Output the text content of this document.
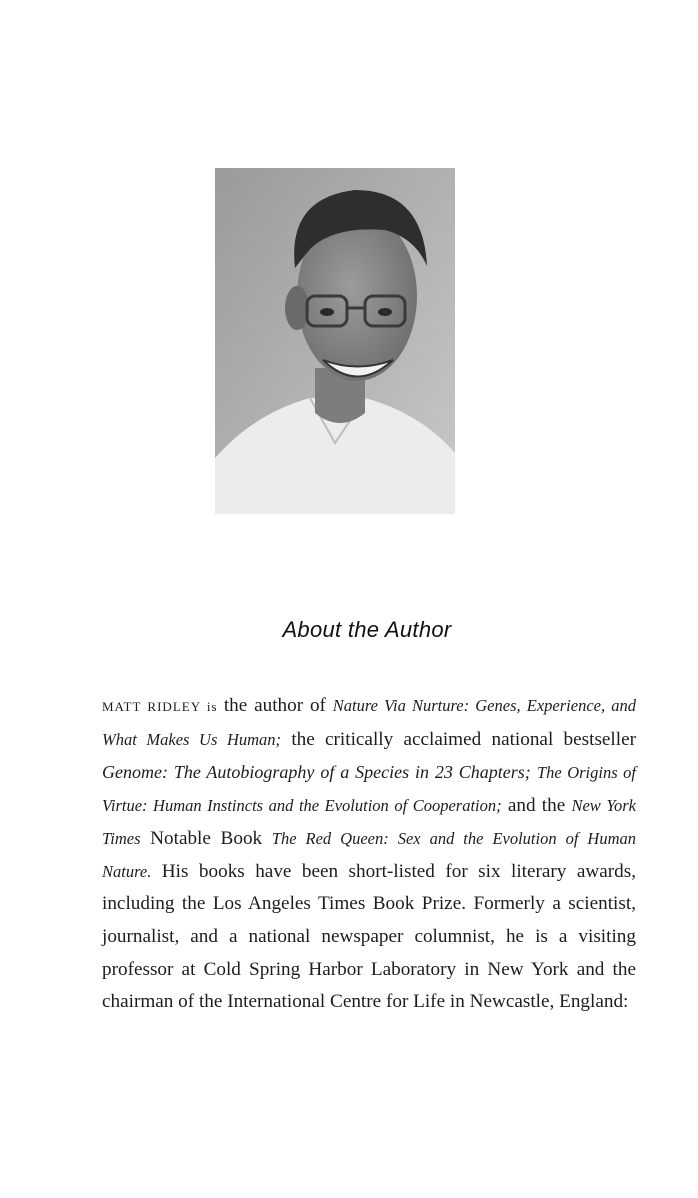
About the Author

MATT RIDLEY is the author of Nature Via Nurture: Genes, Experience, and What Makes Us Human; the critically acclaimed national bestseller Genome: The Autobiography of a Species in 23 Chapters; The Origins of Virtue: Human Instincts and the Evolution of Cooperation; and the New York Times Notable Book The Red Queen: Sex and the Evolution of Human Nature. His books have been short-listed for six literary awards, including the Los Angeles Times Book Prize. Formerly a scientist, journalist, and a national newspaper columnist, he is a visiting professor at Cold Spring Harbor Laboratory in New York and the chairman of the International Centre for Life in Newcastle, England:
